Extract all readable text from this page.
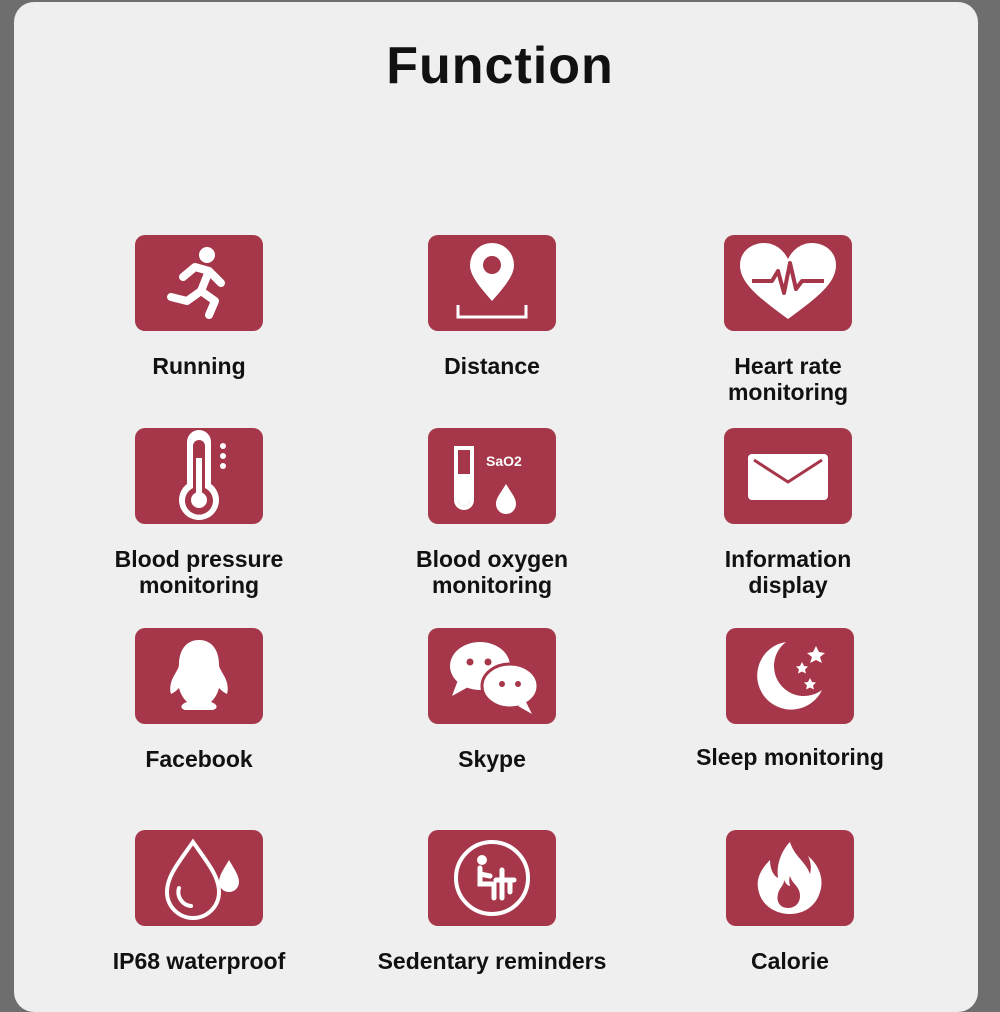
Function
Running	Distance	Heart rate
monitoring
Blood pressure
monitoring
SaO2
Blood oxygen
monitoring
Information
display
Facebook	Skype	Sleep monitoring
IP68 waterproof	Sedentary reminders	Calorie
